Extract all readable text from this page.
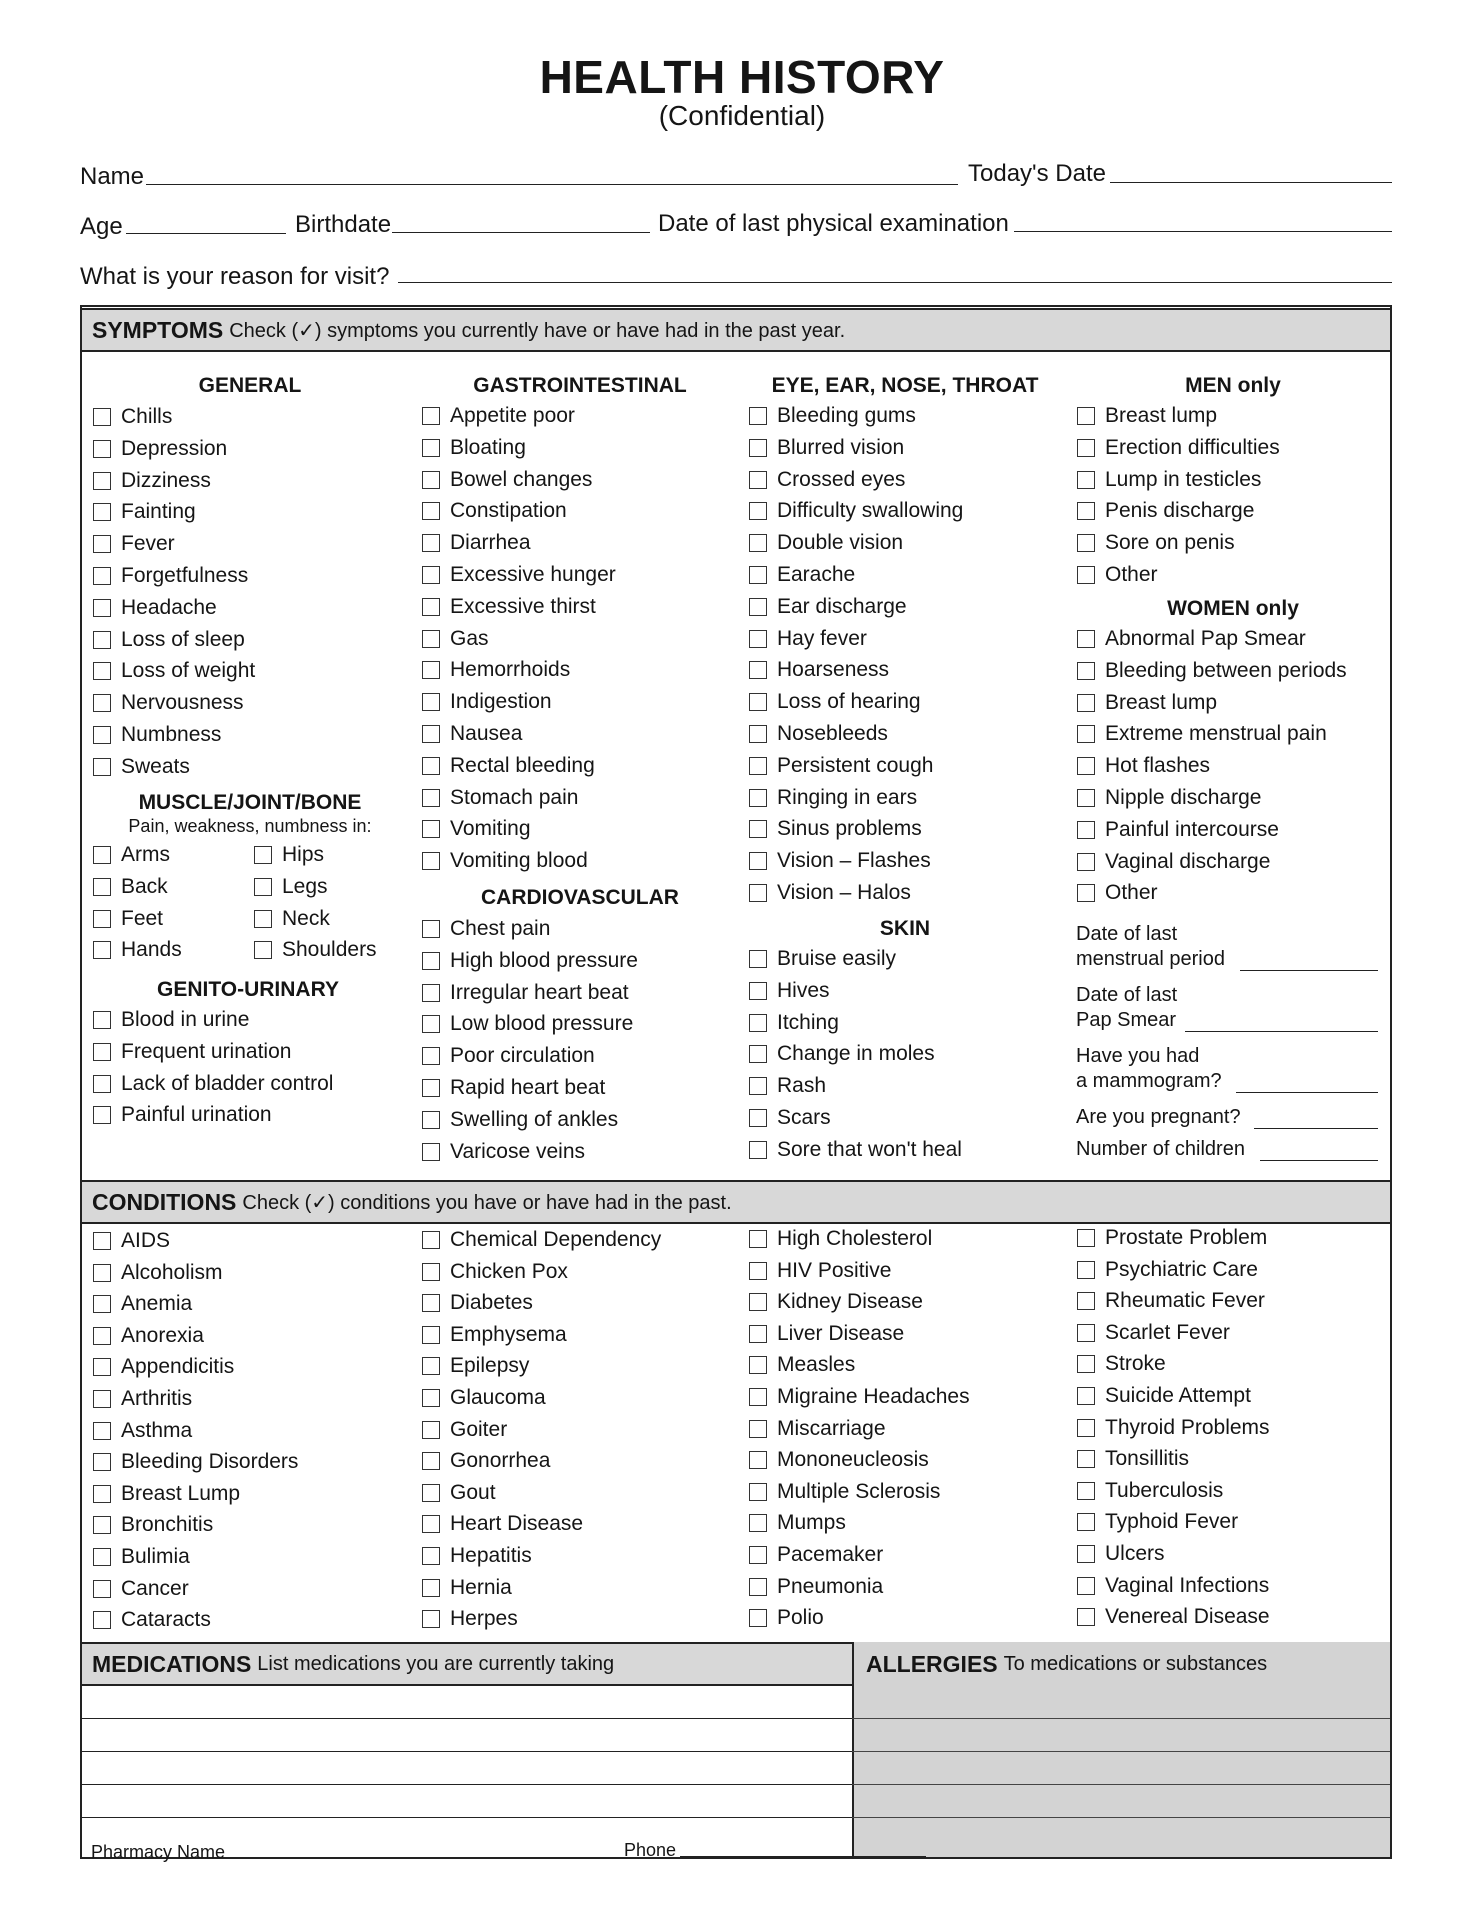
HEALTH HISTORY
(Confidential)
Name	Today's Date
Age	Birthdate	Date of last physical examination
What is your reason for visit?
SYMPTOMS Check (✓) symptoms you currently have or have had in the past year.
GENERAL
Chills
Depression
Dizziness
Fainting
Fever
Forgetfulness
Headache
Loss of sleep
Loss of weight
Nervousness
Numbness
Sweats
MUSCLE/JOINT/BONE
Pain, weakness, numbness in:
Arms
Back
Feet
Hands
Hips
Legs
Neck
Shoulders
GENITO-URINARY
Blood in urine
Frequent urination
Lack of bladder control
Painful urination
GASTROINTESTINAL
Appetite poor
Bloating
Bowel changes
Constipation
Diarrhea
Excessive hunger
Excessive thirst
Gas
Hemorrhoids
Indigestion
Nausea
Rectal bleeding
Stomach pain
Vomiting
Vomiting blood
CARDIOVASCULAR
Chest pain
High blood pressure
Irregular heart beat
Low blood pressure
Poor circulation
Rapid heart beat
Swelling of ankles
Varicose veins
EYE, EAR, NOSE, THROAT
Bleeding gums
Blurred vision
Crossed eyes
Difficulty swallowing
Double vision
Earache
Ear discharge
Hay fever
Hoarseness
Loss of hearing
Nosebleeds
Persistent cough
Ringing in ears
Sinus problems
Vision – Flashes
Vision – Halos
SKIN
Bruise easily
Hives
Itching
Change in moles
Rash
Scars
Sore that won't heal
MEN only
Breast lump
Erection difficulties
Lump in testicles
Penis discharge
Sore on penis
Other
WOMEN only
Abnormal Pap Smear
Bleeding between periods
Breast lump
Extreme menstrual pain
Hot flashes
Nipple discharge
Painful intercourse
Vaginal discharge
Other
Date of last
menstrual period
Date of last
Pap Smear
Have you had
a mammogram?
Are you pregnant?
Number of children
CONDITIONS Check (✓) conditions you have or have had in the past.
AIDS
Alcoholism
Anemia
Anorexia
Appendicitis
Arthritis
Asthma
Bleeding Disorders
Breast Lump
Bronchitis
Bulimia
Cancer
Cataracts
Chemical Dependency
Chicken Pox
Diabetes
Emphysema
Epilepsy
Glaucoma
Goiter
Gonorrhea
Gout
Heart Disease
Hepatitis
Hernia
Herpes
High Cholesterol
HIV Positive
Kidney Disease
Liver Disease
Measles
Migraine Headaches
Miscarriage
Mononeucleosis
Multiple Sclerosis
Mumps
Pacemaker
Pneumonia
Polio
Prostate Problem
Psychiatric Care
Rheumatic Fever
Scarlet Fever
Stroke
Suicide Attempt
Thyroid Problems
Tonsillitis
Tuberculosis
Typhoid Fever
Ulcers
Vaginal Infections
Venereal Disease
MEDICATIONS List medications you are currently taking	ALLERGIES To medications or substances
Pharmacy Name	Phone
